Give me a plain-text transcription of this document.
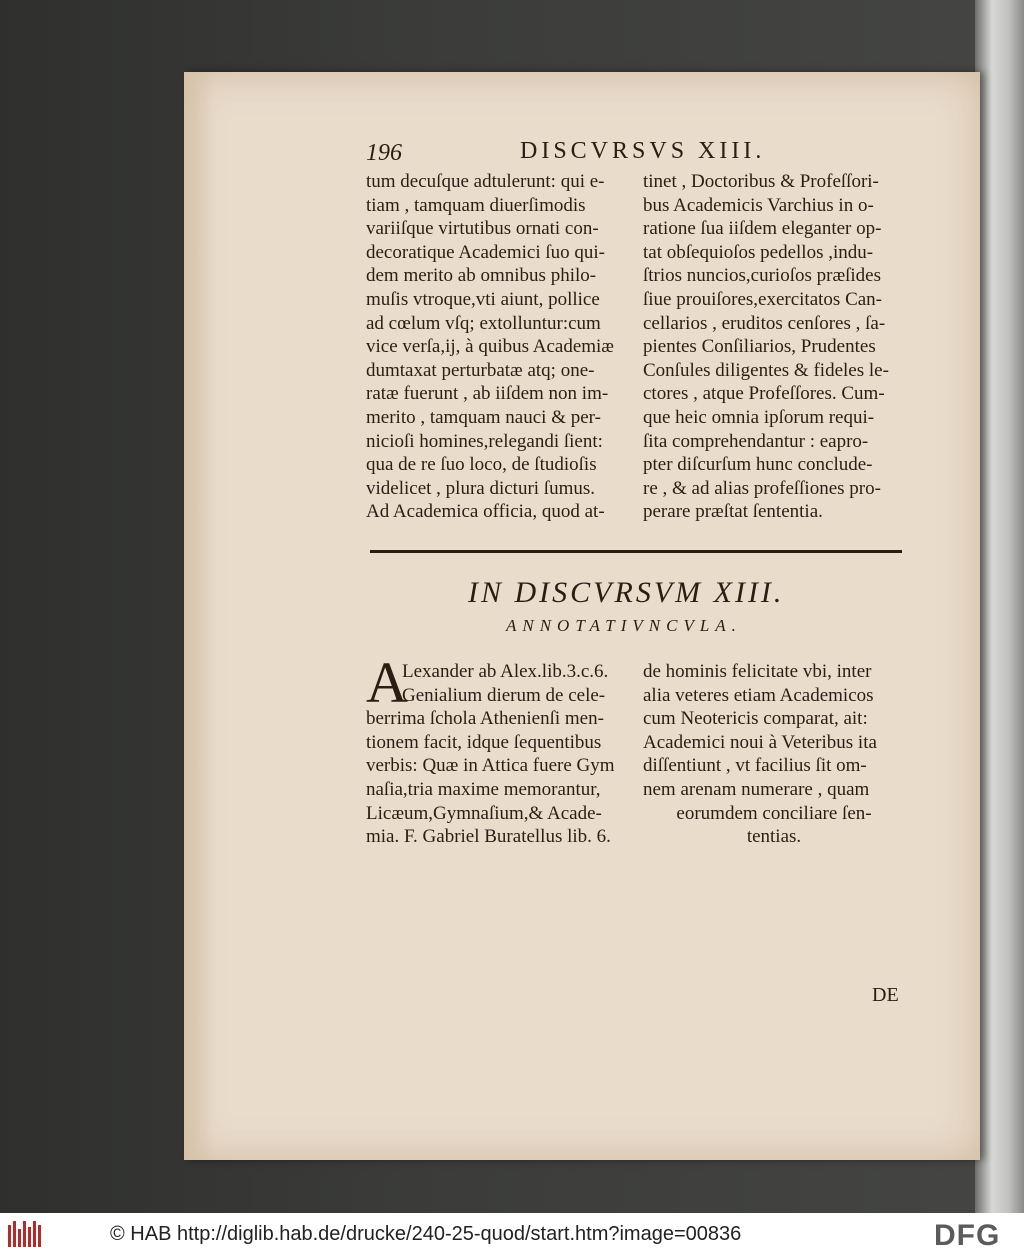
196	DISCVRSVS XIII.
tum decuſque adtulerunt: qui e-
tiam , tamquam diuerſimodis
variiſque virtutibus ornati con-
decoratique Academici ſuo qui-
dem merito ab omnibus philo-
muſis vtroque,vti aiunt, pollice
ad cœlum vſq; extolluntur:cum
vice verſa,ij, à quibus Academiæ
dumtaxat perturbatæ atq; one-
ratæ fuerunt , ab iiſdem non im-
merito , tamquam nauci & per-
nicioſi homines,relegandi ſient:
qua de re ſuo loco, de ſtudioſis
videlicet , plura dicturi ſumus.
Ad Academica officia, quod at-
tinet , Doctoribus & Profeſſori-
bus Academicis Varchius in o-
ratione ſua iiſdem eleganter op-
tat obſequioſos pedellos ,indu-
ſtrios nuncios,curioſos præſides
ſiue prouiſores,exercitatos Can-
cellarios , eruditos cenſores , ſa-
pientes Conſiliarios, Prudentes
Conſules diligentes & fideles le-
ctores , atque Profeſſores. Cum-
que heic omnia ipſorum requi-
ſita comprehendantur : eapro-
pter diſcurſum hunc conclude-
re , & ad alias profeſſiones pro-
perare præſtat ſententia.
IN DISCVRSVM XIII.
ANNOTATIVNCVLA.
A
Lexander ab Alex.lib.3.c.6.
Genialium dierum de cele-
berrima ſchola Athenienſi men-
tionem facit, idque ſequentibus
verbis: Quæ in Attica fuere Gym
naſia,tria maxime memorantur,
Licæum,Gymnaſium,& Acade-
mia. F. Gabriel Buratellus lib. 6.
de hominis felicitate vbi, inter
alia veteres etiam Academicos
cum Neotericis comparat, ait:
Academici noui à Veteribus ita
diſſentiunt , vt facilius ſit om-
nem arenam numerare , quam
eorumdem conciliare ſen-
tentias.
DE
© HAB http://diglib.hab.de/drucke/240-25-quod/start.htm?image=00836	DFG
